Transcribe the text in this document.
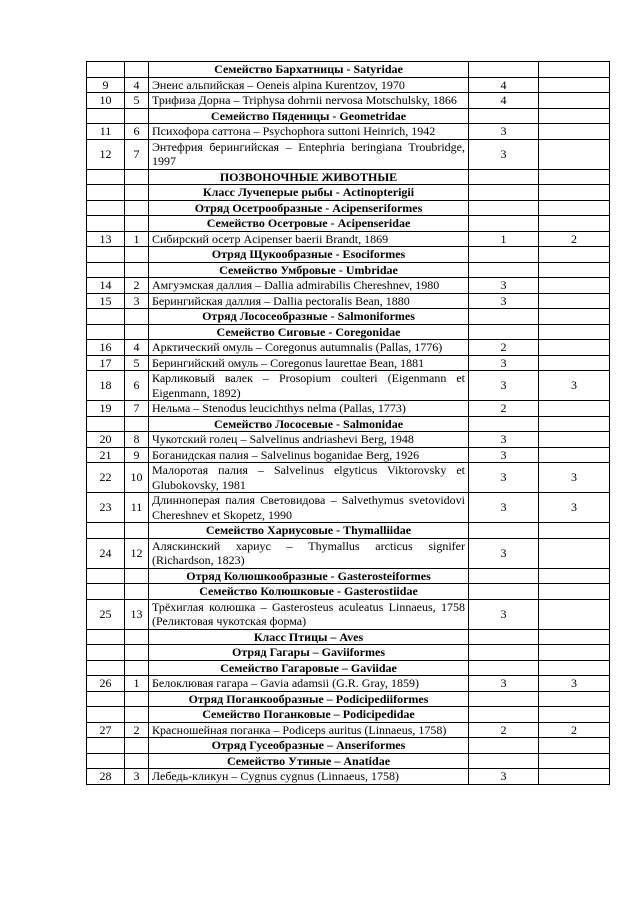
		Семейство Бархатницы - Satyridae		
9	4	Энеис альпийская – Oeneis alpina Kurentzov, 1970	4	
10	5	Трифиза Дорна – Triphysa dohrnii nervosa Motschulsky, 1866	4	
		Семейство Пяденицы - Geometridae		
11	6	Психофора саттона – Psychophora suttoni Heinrich, 1942	3	
12	7	Энтефрия берингийская – Entephria beringiana Troubridge, 1997	3	
		ПОЗВОНОЧНЫЕ ЖИВОТНЫЕ		
		Класс Лучеперые рыбы - Actinopterigii		
		Отряд Осетрообразные - Acipenseriformes		
		Семейство Осетровые - Acipenseridae		
13	1	Сибирский осетр Acipenser baerii Brandt, 1869	1	2
		Отряд Щукообразные - Esociformes		
		Семейство Умбровые - Umbridae		
14	2	Амгуэмская даллия – Dallia admirabilis Chereshnev, 1980	3	
15	3	Берингийская даллия – Dallia pectoralis Bean, 1880	3	
		Отряд Лососеобразные - Salmoniformes		
		Семейство Сиговые - Coregonidae		
16	4	Арктический омуль – Coregonus autumnalis (Pallas, 1776)	2	
17	5	Берингийский омуль – Coregonus laurettae Bean, 1881	3	
18	6	Карликовый валек – Prosopium coulteri (Eigenmann et Eigenmann, 1892)	3	3
19	7	Нельма – Stenodus leucichthys nelma (Pallas, 1773)	2	
		Семейство Лососевые - Salmonidae		
20	8	Чукотский голец – Salvelinus andriashevi Berg, 1948	3	
21	9	Боганидская палия – Salvelinus boganidae Berg, 1926	3	
22	10	Малоротая палия – Salvelinus elgyticus Viktorovsky et Glubokovsky, 1981	3	3
23	11	Длинноперая палия Световидова – Salvethymus svetovidovi Chereshnev et Skopetz, 1990	3	3
		Семейство Хариусовые - Thymalliidae		
24	12	Аляскинский хариус – Thymallus arcticus signifer (Richardson, 1823)	3	
		Отряд Колюшкообразные - Gasterosteiformes		
		Семейство Колюшковые - Gasterostiidae		
25	13	Трёхиглая колюшка – Gasterosteus aculeatus Linnaeus, 1758 (Реликтовая чукотская форма)	3	
		Класс Птицы – Aves		
		Отряд Гагары – Gaviiformes		
		Семейство Гагаровые – Gaviidae		
26	1	Белоклювая гагара – Gavia adamsii (G.R. Gray, 1859)	3	3
		Отряд Поганкообразные – Podicipediiformes		
		Семейство Поганковые – Podicipedidae		
27	2	Красношейная поганка – Podiceps auritus (Linnaeus, 1758)	2	2
		Отряд Гусеобразные – Anseriformes		
		Семейство Утиные – Anatidae		
28	3	Лебедь-кликун – Cygnus cygnus (Linnaeus, 1758)	3	
